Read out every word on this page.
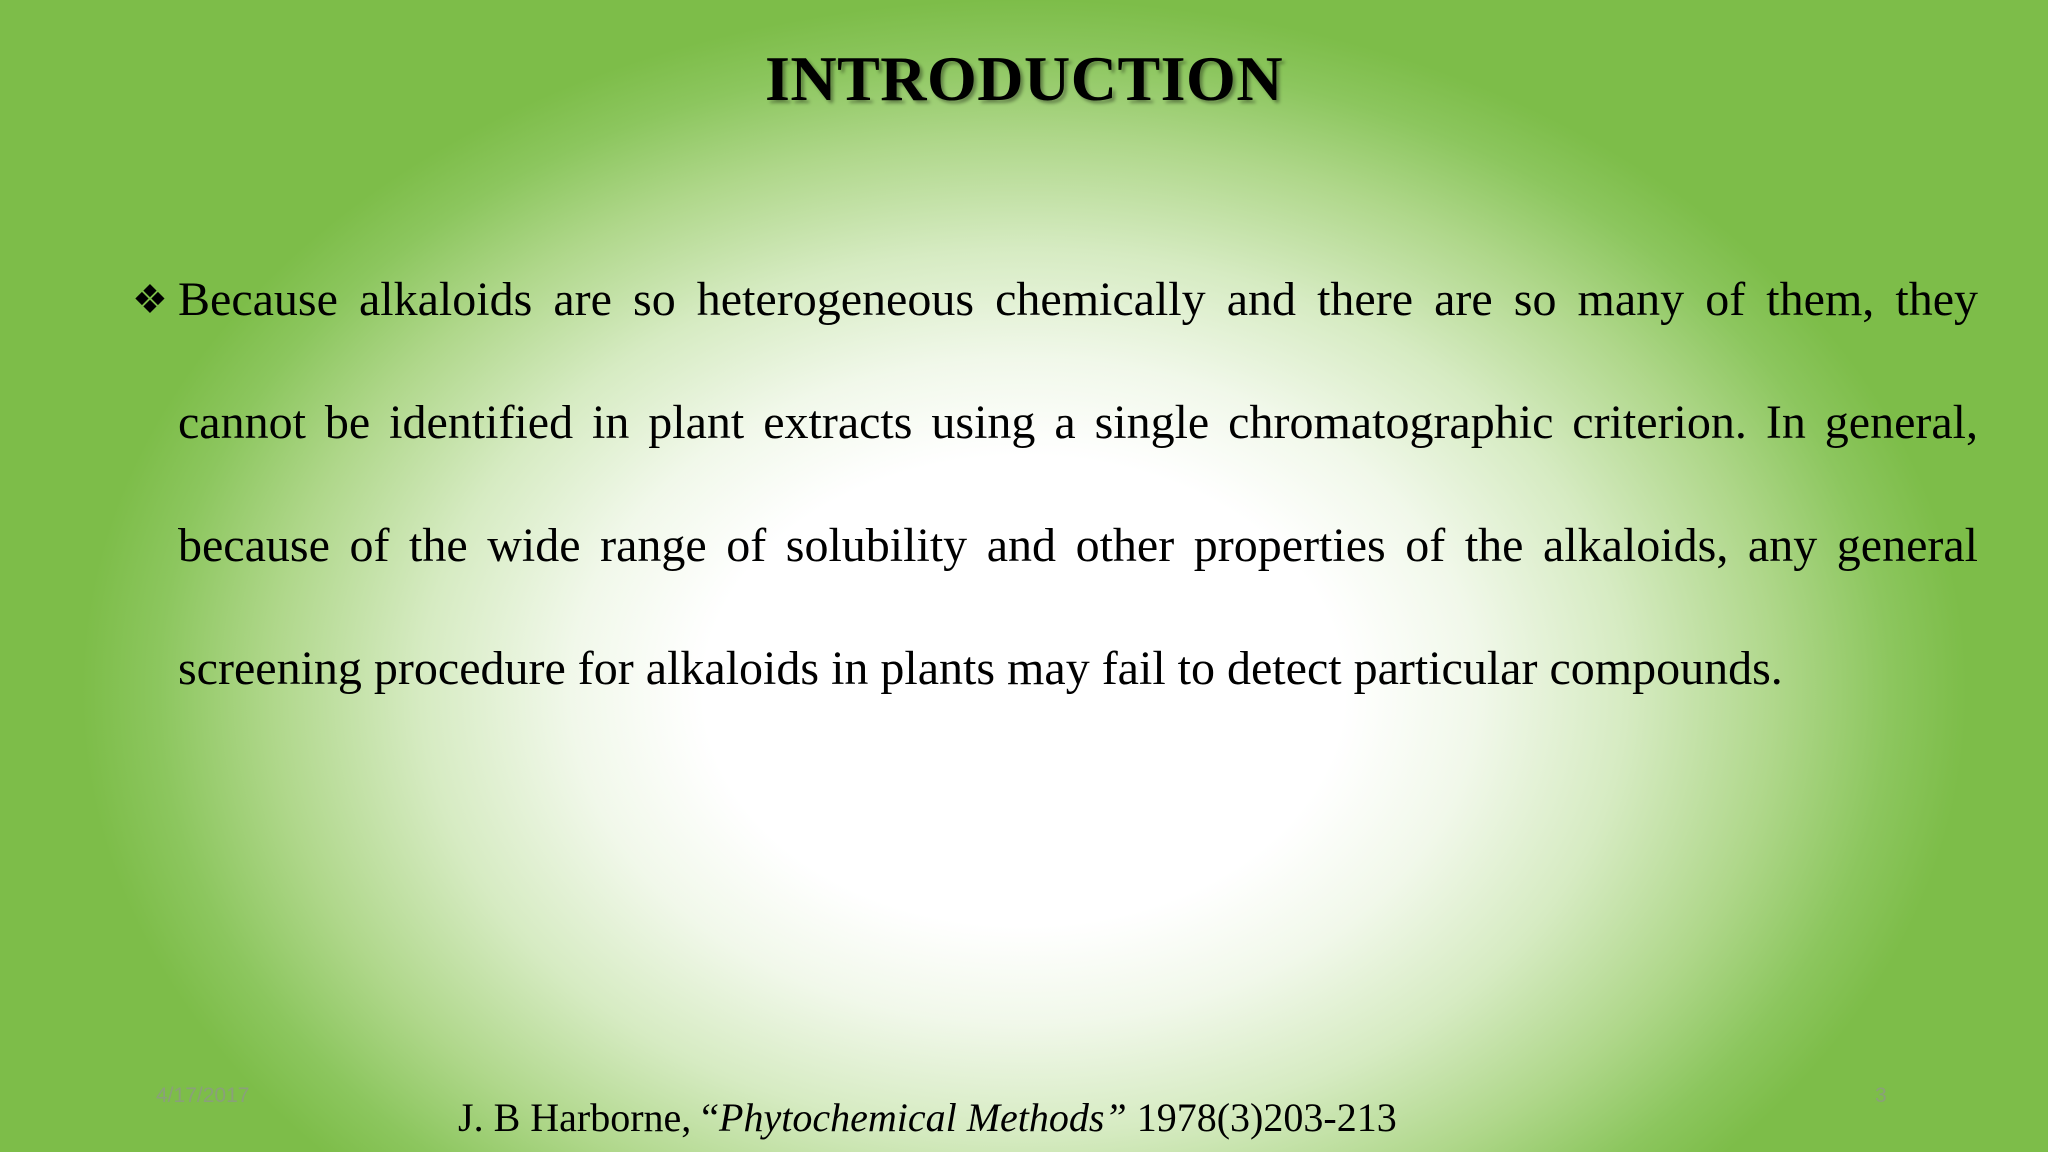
INTRODUCTION
❖ Because alkaloids are so heterogeneous chemically and there are so many of them, they cannot be identified in plant extracts using a single chromatographic criterion. In general, because of the wide range of solubility and other properties of the alkaloids, any general screening procedure for alkaloids in plants may fail to detect particular compounds.
4/17/2017	3
J. B Harborne, “Phytochemical Methods” 1978(3)203-213
